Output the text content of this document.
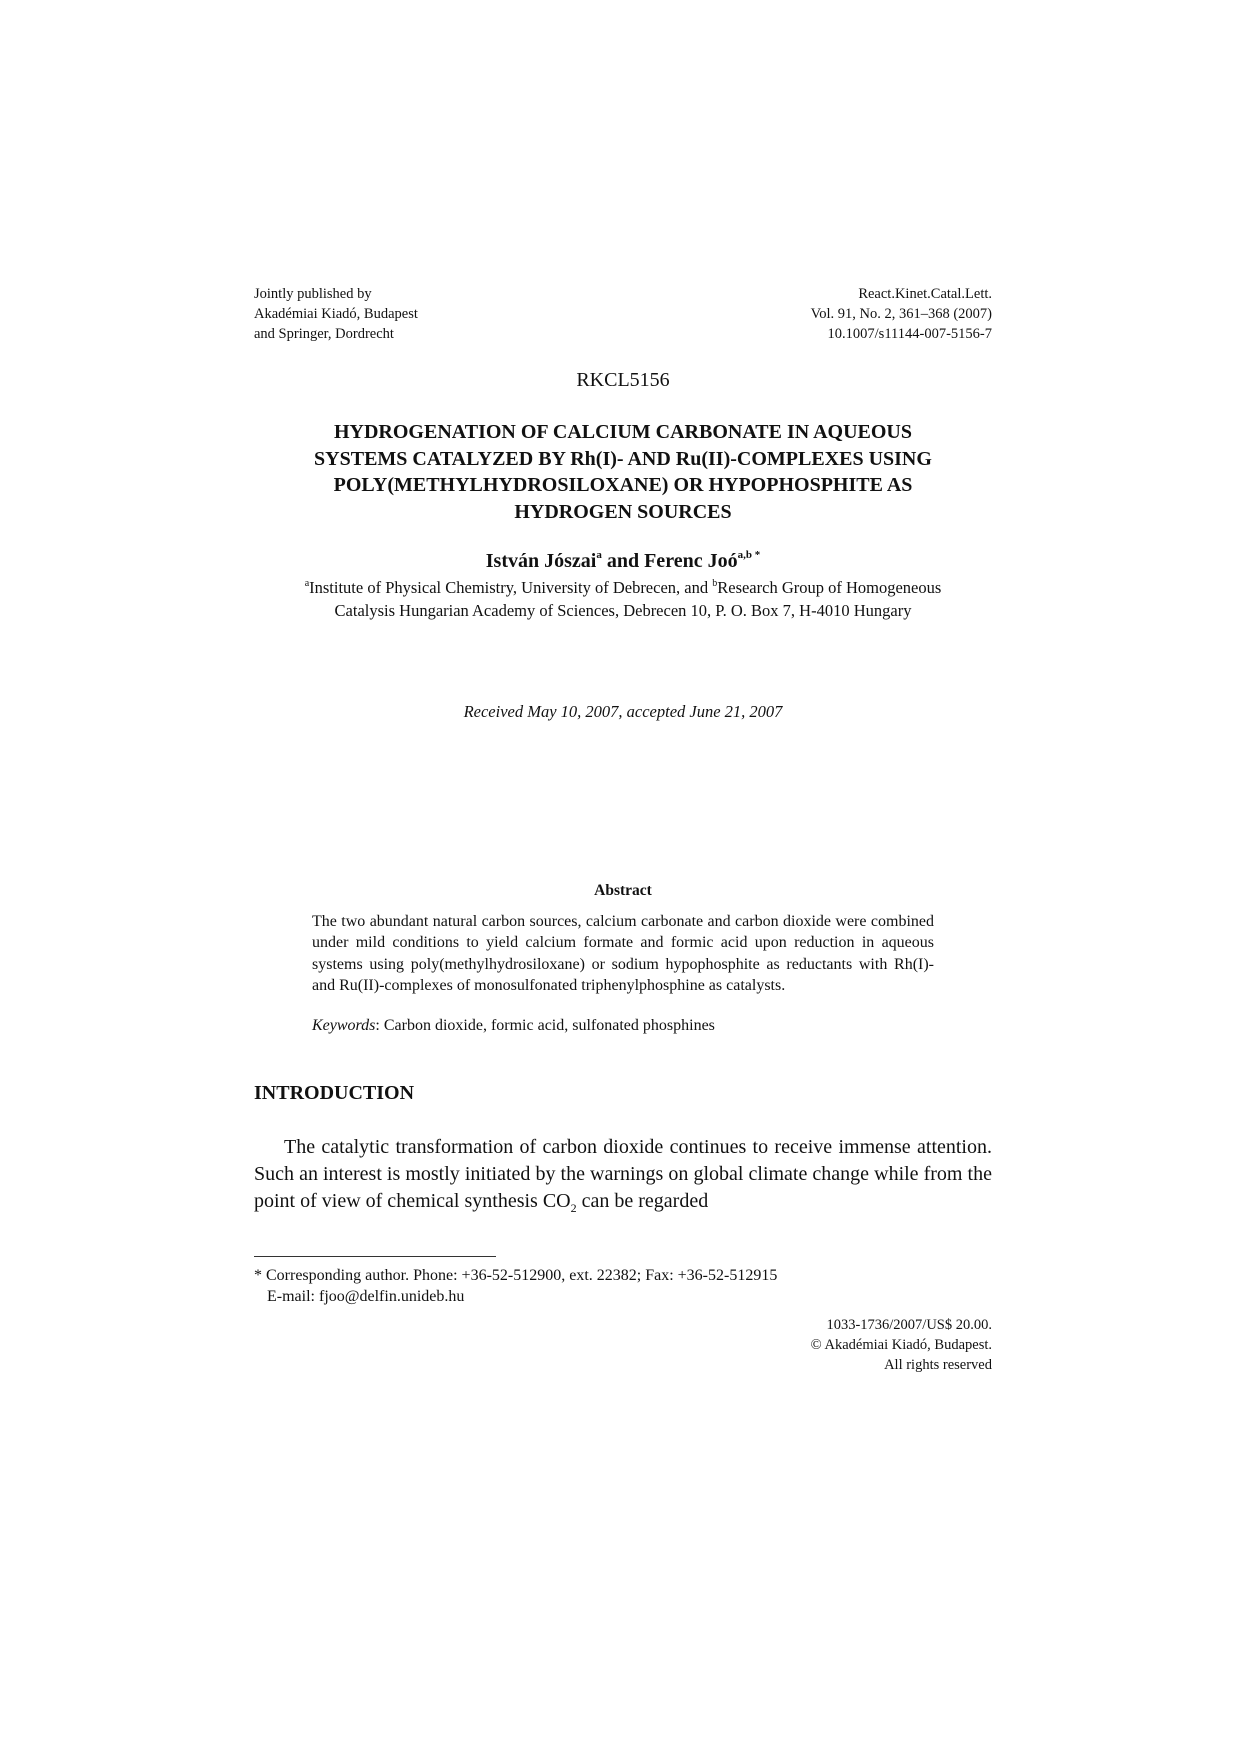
Jointly published by
Akadémiai Kiadó, Budapest
and Springer, Dordrecht
React.Kinet.Catal.Lett.
Vol. 91, No. 2, 361–368 (2007)
10.1007/s11144-007-5156-7
RKCL5156
HYDROGENATION OF CALCIUM CARBONATE IN AQUEOUS
SYSTEMS CATALYZED BY Rh(I)- AND Ru(II)-COMPLEXES USING
POLY(METHYLHYDROSILOXANE) OR HYPOPHOSPHITE AS
HYDROGEN SOURCES
István Jószai$^a$ and Ferenc Joó$^{a,b *}$
$^a$Institute of Physical Chemistry, University of Debrecen, and $^b$Research Group of Homogeneous
Catalysis Hungarian Academy of Sciences, Debrecen 10, P. O. Box 7, H-4010 Hungary
Received May 10, 2007, accepted June 21, 2007
Abstract
The two abundant natural carbon sources, calcium carbonate and carbon dioxide were combined under mild conditions to yield calcium formate and formic acid upon reduction in aqueous systems using poly(methylhydrosiloxane) or sodium hypophosphite as reductants with Rh(I)- and Ru(II)-complexes of monosulfonated triphenylphosphine as catalysts.
Keywords: Carbon dioxide, formic acid, sulfonated phosphines
INTRODUCTION
The catalytic transformation of carbon dioxide continues to receive immense attention. Such an interest is mostly initiated by the warnings on global climate change while from the point of view of chemical synthesis $CO_2$ can be regarded
* Corresponding author. Phone: +36-52-512900, ext. 22382; Fax: +36-52-512915
E-mail: fjoo@delfin.unideb.hu
1033-1736/2007/US$ 20.00.
© Akadémiai Kiadó, Budapest.
All rights reserved
